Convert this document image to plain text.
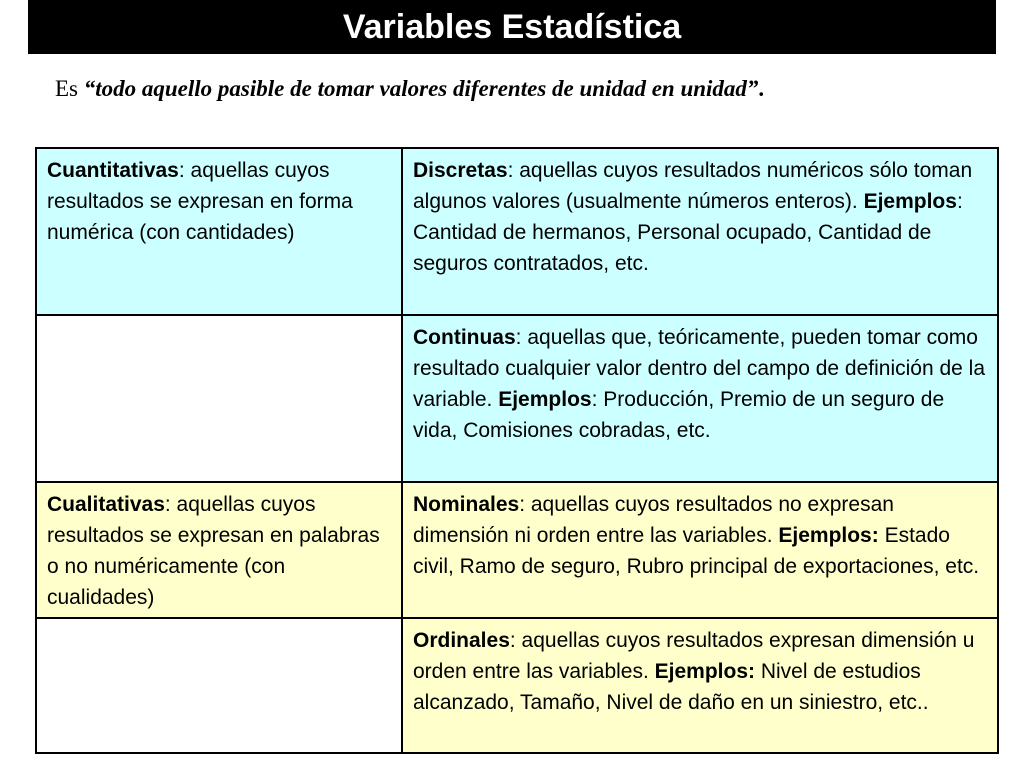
Variables Estadística
Es “todo aquello pasible de tomar valores diferentes de unidad en unidad”.
Cuantitativas: aquellas cuyos resultados se expresan en forma numérica (con cantidades)	Discretas: aquellas cuyos resultados numéricos sólo toman algunos valores (usualmente números enteros). Ejemplos: Cantidad de hermanos, Personal ocupado, Cantidad de seguros contratados, etc.
	Continuas: aquellas que, teóricamente, pueden tomar como resultado cualquier valor dentro del campo de definición de la variable. Ejemplos: Producción, Premio de un seguro de vida, Comisiones cobradas, etc.
Cualitativas: aquellas cuyos resultados se expresan en palabras o no numéricamente (con cualidades)	Nominales: aquellas cuyos resultados no expresan dimensión ni orden entre las variables. Ejemplos: Estado civil, Ramo de seguro, Rubro principal de exportaciones, etc.
	Ordinales: aquellas cuyos resultados expresan dimensión u orden entre las variables. Ejemplos: Nivel de estudios alcanzado, Tamaño, Nivel de daño en un siniestro, etc..
